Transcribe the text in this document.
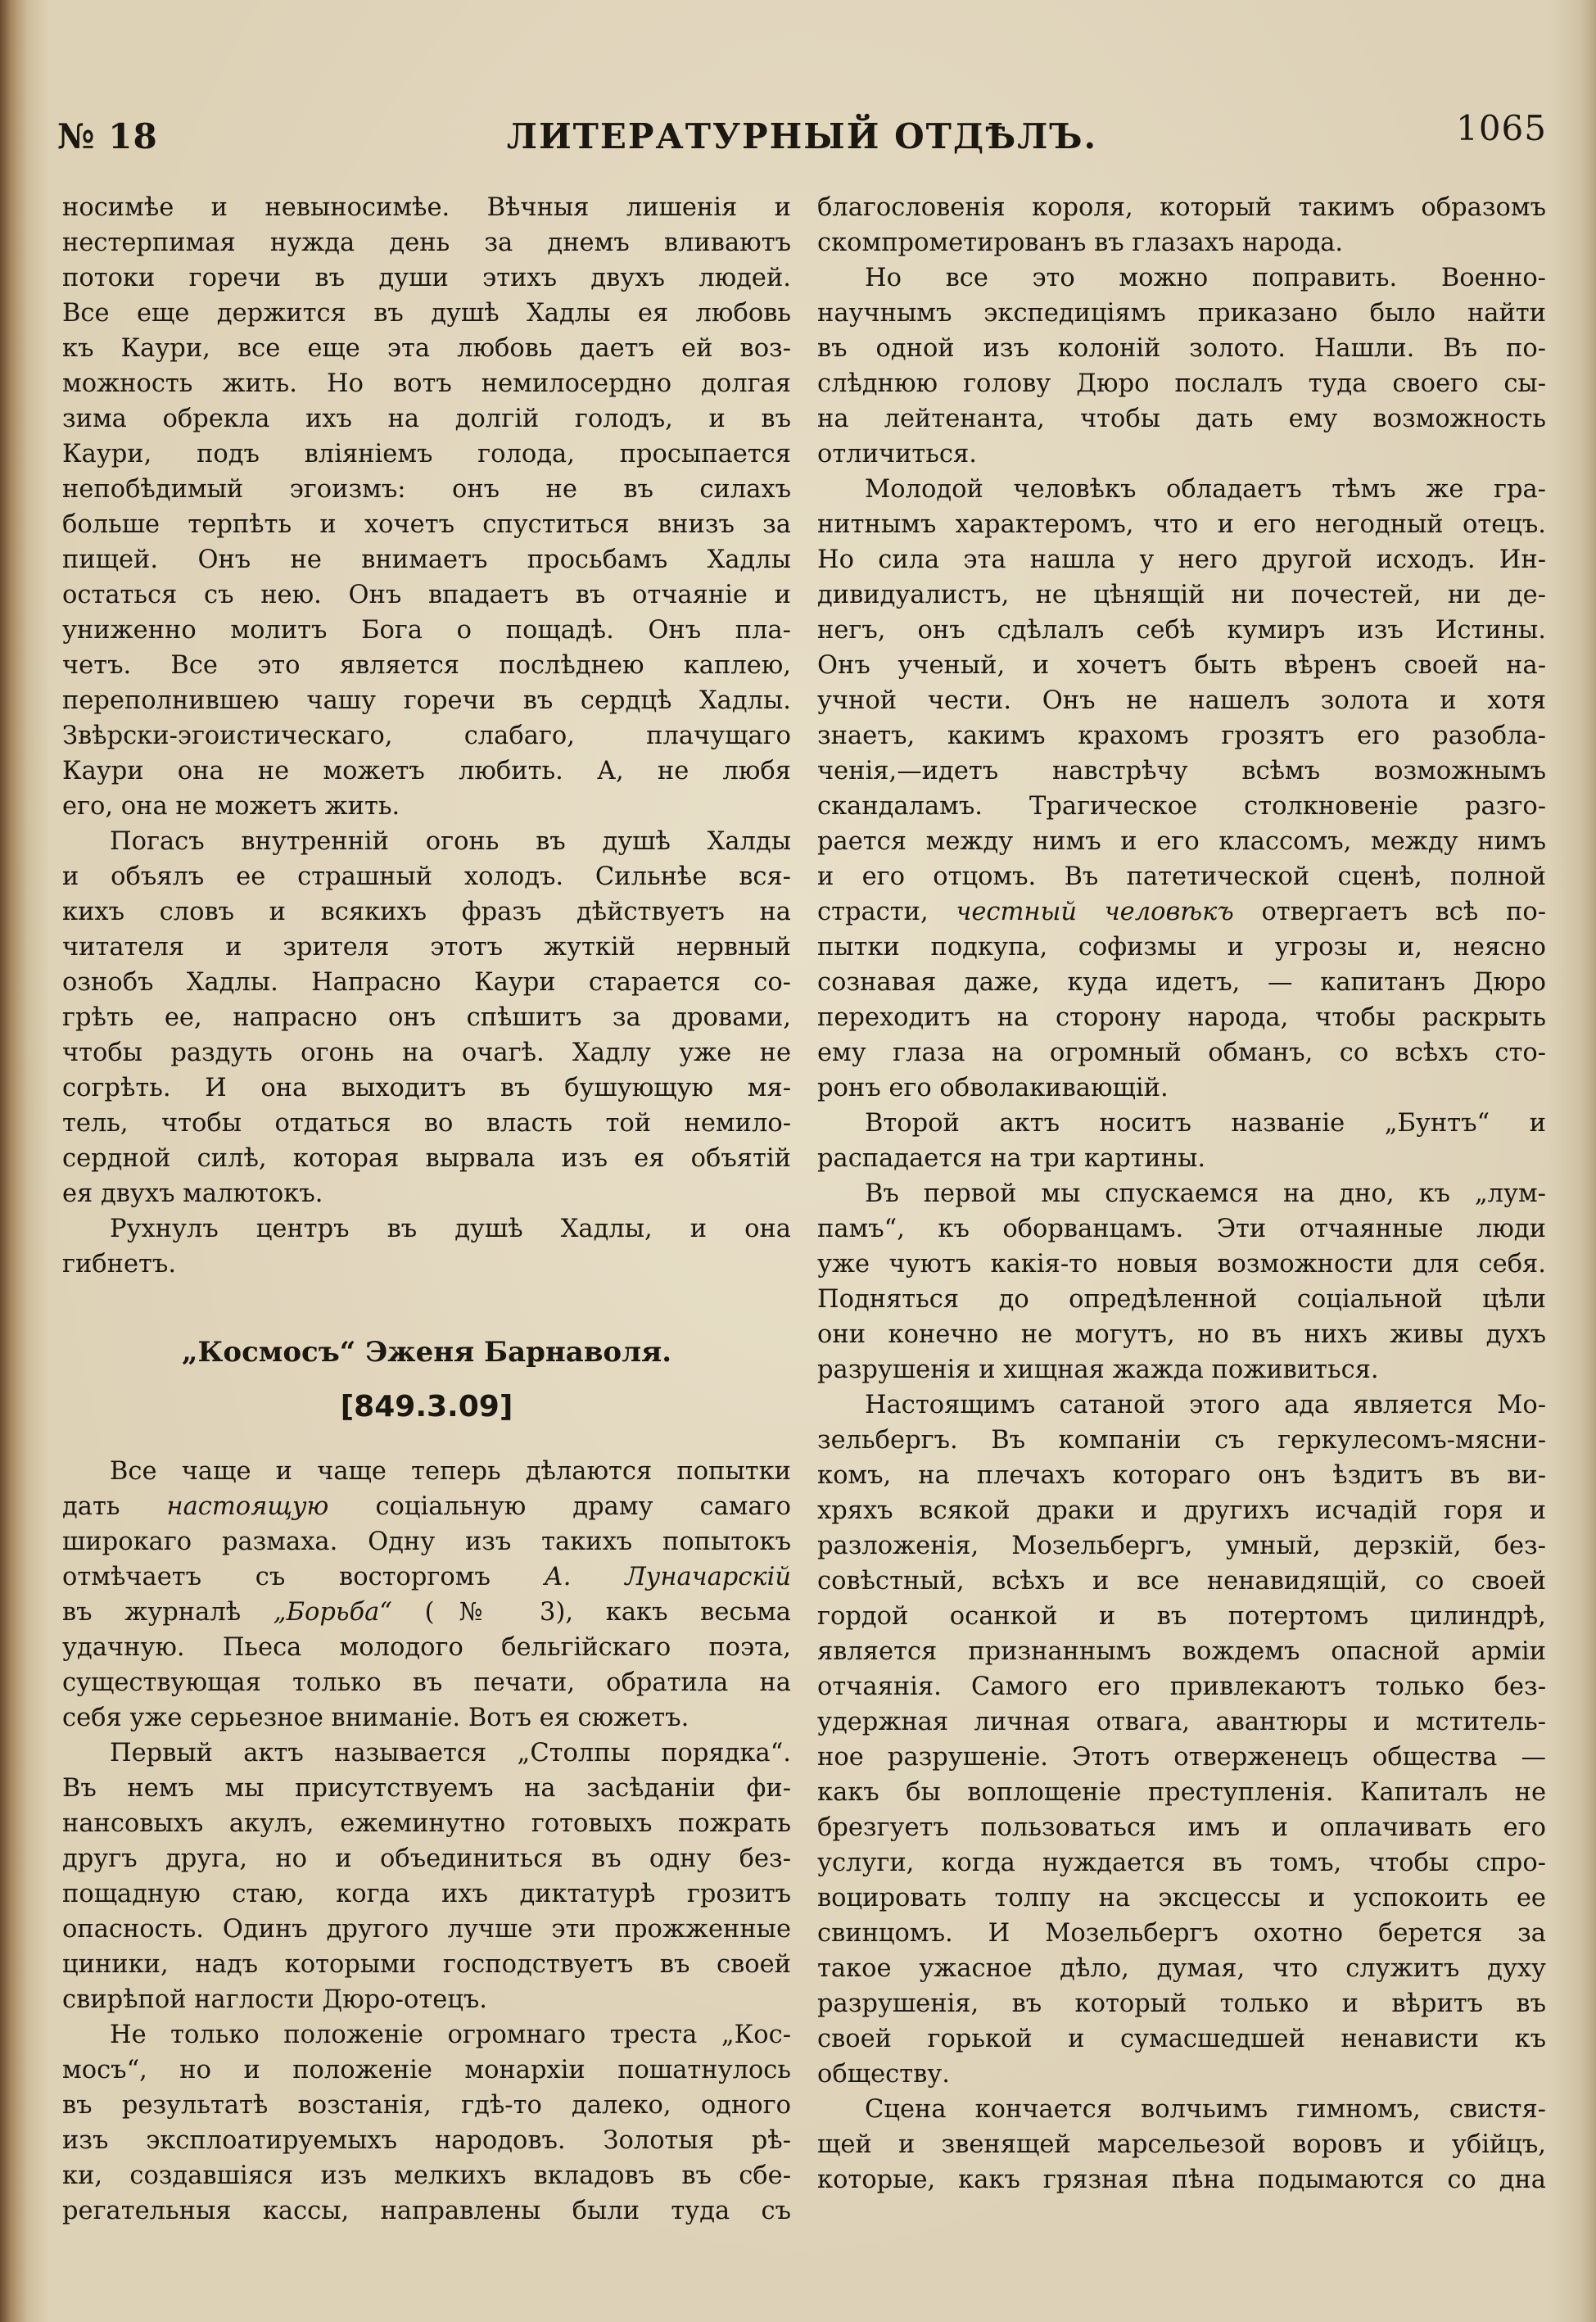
№ 18	ЛИТЕРАТУРНЫЙ ОТДѢЛЪ.	1065
носимѣе и невыносимѣе. Вѣчныя лишенія и
нестерпимая нужда день за днемъ вливаютъ
потоки горечи въ души этихъ двухъ людей.
Все еще держится въ душѣ Хадлы ея любовь
къ Каури, все еще эта любовь даетъ ей воз-
можность жить. Но вотъ немилосердно долгая
зима обрекла ихъ на долгій голодъ, и въ
Каури, подъ вліяніемъ голода, просыпается
непобѣдимый эгоизмъ: онъ не въ силахъ
больше терпѣть и хочетъ спуститься внизъ за
пищей. Онъ не внимаетъ просьбамъ Хадлы
остаться съ нею. Онъ впадаетъ въ отчаяніе и
униженно молитъ Бога о пощадѣ. Онъ пла-
четъ. Все это является послѣднею каплею,
переполнившею чашу горечи въ сердцѣ Хадлы.
Звѣрски-эгоистическаго, слабаго, плачущаго
Каури она не можетъ любить. А, не любя
его, она не можетъ жить.
Погасъ внутренній огонь въ душѣ Халды
и объялъ ее страшный холодъ. Сильнѣе вся-
кихъ словъ и всякихъ фразъ дѣйствуетъ на
читателя и зрителя этотъ жуткій нервный
ознобъ Хадлы. Напрасно Каури старается со-
грѣть ее, напрасно онъ спѣшитъ за дровами,
чтобы раздуть огонь на очагѣ. Хадлу уже не
согрѣть. И она выходитъ въ бушующую мя-
тель, чтобы отдаться во власть той немило-
сердной силѣ, которая вырвала изъ ея объятій
ея двухъ малютокъ.
Рухнулъ центръ въ душѣ Хадлы, и она
гибнетъ.
„Космосъ“ Эженя Барнаволя.
[849.3.09]
Все чаще и чаще теперь дѣлаются попытки
дать настоящую соціальную драму самаго
широкаго размаха. Одну изъ такихъ попытокъ
отмѣчаетъ съ восторгомъ А. Луначарскій
въ журналѣ „Борьба“ (№ 3), какъ весьма
удачную. Пьеса молодого бельгійскаго поэта,
существующая только въ печати, обратила на
себя уже серьезное вниманіе. Вотъ ея сюжетъ.
Первый актъ называется „Столпы порядка“.
Въ немъ мы присутствуемъ на засѣданіи фи-
нансовыхъ акулъ, ежеминутно готовыхъ пожрать
другъ друга, но и объединиться въ одну без-
пощадную стаю, когда ихъ диктатурѣ грозитъ
опасность. Одинъ другого лучше эти прожженные
циники, надъ которыми господствуетъ въ своей
свирѣпой наглости Дюро-отецъ.
Не только положеніе огромнаго треста „Кос-
мосъ“, но и положеніе монархіи пошатнулось
въ результатѣ возстанія, гдѣ-то далеко, одного
изъ эксплоатируемыхъ народовъ. Золотыя рѣ-
ки, создавшіяся изъ мелкихъ вкладовъ въ сбе-
регательныя кассы, направлены были туда съ
благословенія короля, который такимъ образомъ
скомпрометированъ въ глазахъ народа.
Но все это можно поправить. Военно-
научнымъ экспедиціямъ приказано было найти
въ одной изъ колоній золото. Нашли. Въ по-
слѣднюю голову Дюро послалъ туда своего сы-
на лейтенанта, чтобы дать ему возможность
отличиться.
Молодой человѣкъ обладаетъ тѣмъ же гра-
нитнымъ характеромъ, что и его негодный отецъ.
Но сила эта нашла у него другой исходъ. Ин-
дивидуалистъ, не цѣнящій ни почестей, ни де-
негъ, онъ сдѣлалъ себѣ кумиръ изъ Истины.
Онъ ученый, и хочетъ быть вѣренъ своей на-
учной чести. Онъ не нашелъ золота и хотя
знаетъ, какимъ крахомъ грозятъ его разобла-
ченія,—идетъ навстрѣчу всѣмъ возможнымъ
скандаламъ. Трагическое столкновеніе разго-
рается между нимъ и его классомъ, между нимъ
и его отцомъ. Въ патетической сценѣ, полной
страсти, честный человѣкъ отвергаетъ всѣ по-
пытки подкупа, софизмы и угрозы и, неясно
сознавая даже, куда идетъ, — капитанъ Дюро
переходитъ на сторону народа, чтобы раскрыть
ему глаза на огромный обманъ, со всѣхъ сто-
ронъ его обволакивающій.
Второй актъ носитъ названіе „Бунтъ“ и
распадается на три картины.
Въ первой мы спускаемся на дно, къ „лум-
памъ“, къ оборванцамъ. Эти отчаянные люди
уже чуютъ какія-то новыя возможности для себя.
Подняться до опредѣленной соціальной цѣли
они конечно не могутъ, но въ нихъ живы духъ
разрушенія и хищная жажда поживиться.
Настоящимъ сатаной этого ада является Мо-
зельбергъ. Въ компаніи съ геркулесомъ-мясни-
комъ, на плечахъ котораго онъ ѣздитъ въ ви-
хряхъ всякой драки и другихъ исчадій горя и
разложенія, Мозельбергъ, умный, дерзкій, без-
совѣстный, всѣхъ и все ненавидящій, со своей
гордой осанкой и въ потертомъ цилиндрѣ,
является признаннымъ вождемъ опасной арміи
отчаянія. Самого его привлекаютъ только без-
удержная личная отвага, авантюры и мститель-
ное разрушеніе. Этотъ отверженецъ общества —
какъ бы воплощеніе преступленія. Капиталъ не
брезгуетъ пользоваться имъ и оплачивать его
услуги, когда нуждается въ томъ, чтобы спро-
воцировать толпу на эксцессы и успокоить ее
свинцомъ. И Мозельбергъ охотно берется за
такое ужасное дѣло, думая, что служитъ духу
разрушенія, въ который только и вѣритъ въ
своей горькой и сумасшедшей ненависти къ
обществу.
Сцена кончается волчьимъ гимномъ, свистя-
щей и звенящей марсельезой воровъ и убійцъ,
которые, какъ грязная пѣна подымаются со дна
